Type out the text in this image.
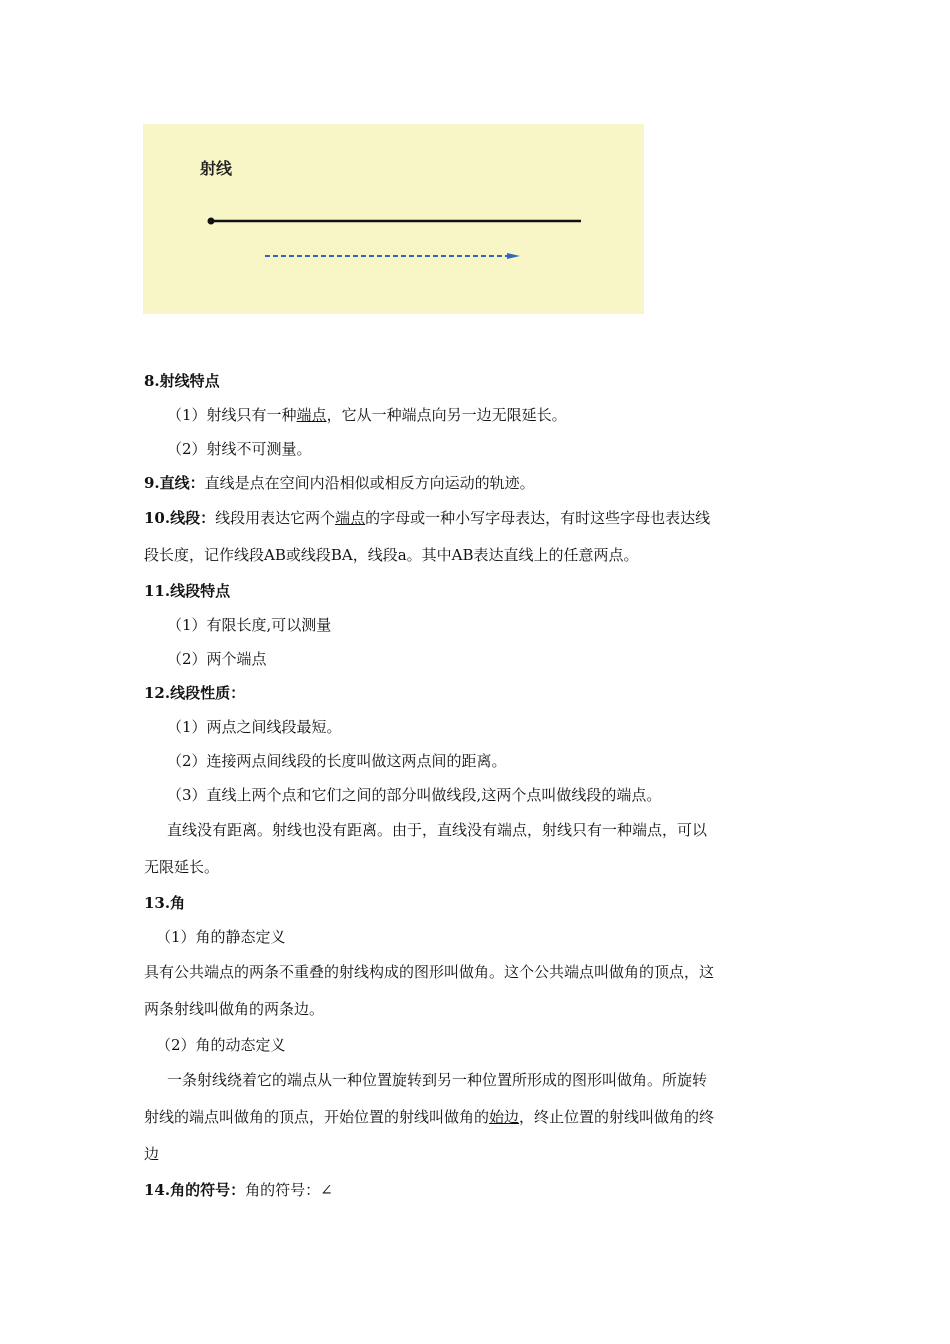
射线
8.射线特点
（1）射线只有一种端点，它从一种端点向另一边无限延长。
（2）射线不可测量。
9.直线：直线是点在空间内沿相似或相反方向运动的轨迹。
10.线段：线段用表达它两个端点的字母或一种小写字母表达，有时这些字母也表达线
段长度，记作线段AB或线段BA，线段a。其中AB表达直线上的任意两点。
11.线段特点
（1）有限长度,可以测量
（2）两个端点
12.线段性质：
（1）两点之间线段最短。
（2）连接两点间线段的长度叫做这两点间的距离。
（3）直线上两个点和它们之间的部分叫做线段,这两个点叫做线段的端点。
直线没有距离。射线也没有距离。由于，直线没有端点，射线只有一种端点，可以
无限延长。
13.角
（1）角的静态定义
具有公共端点的两条不重叠的射线构成的图形叫做角。这个公共端点叫做角的顶点，这
两条射线叫做角的两条边。
（2）角的动态定义
一条射线绕着它的端点从一种位置旋转到另一种位置所形成的图形叫做角。所旋转
射线的端点叫做角的顶点，开始位置的射线叫做角的始边，终止位置的射线叫做角的终
边
14.角的符号：角的符号：∠
